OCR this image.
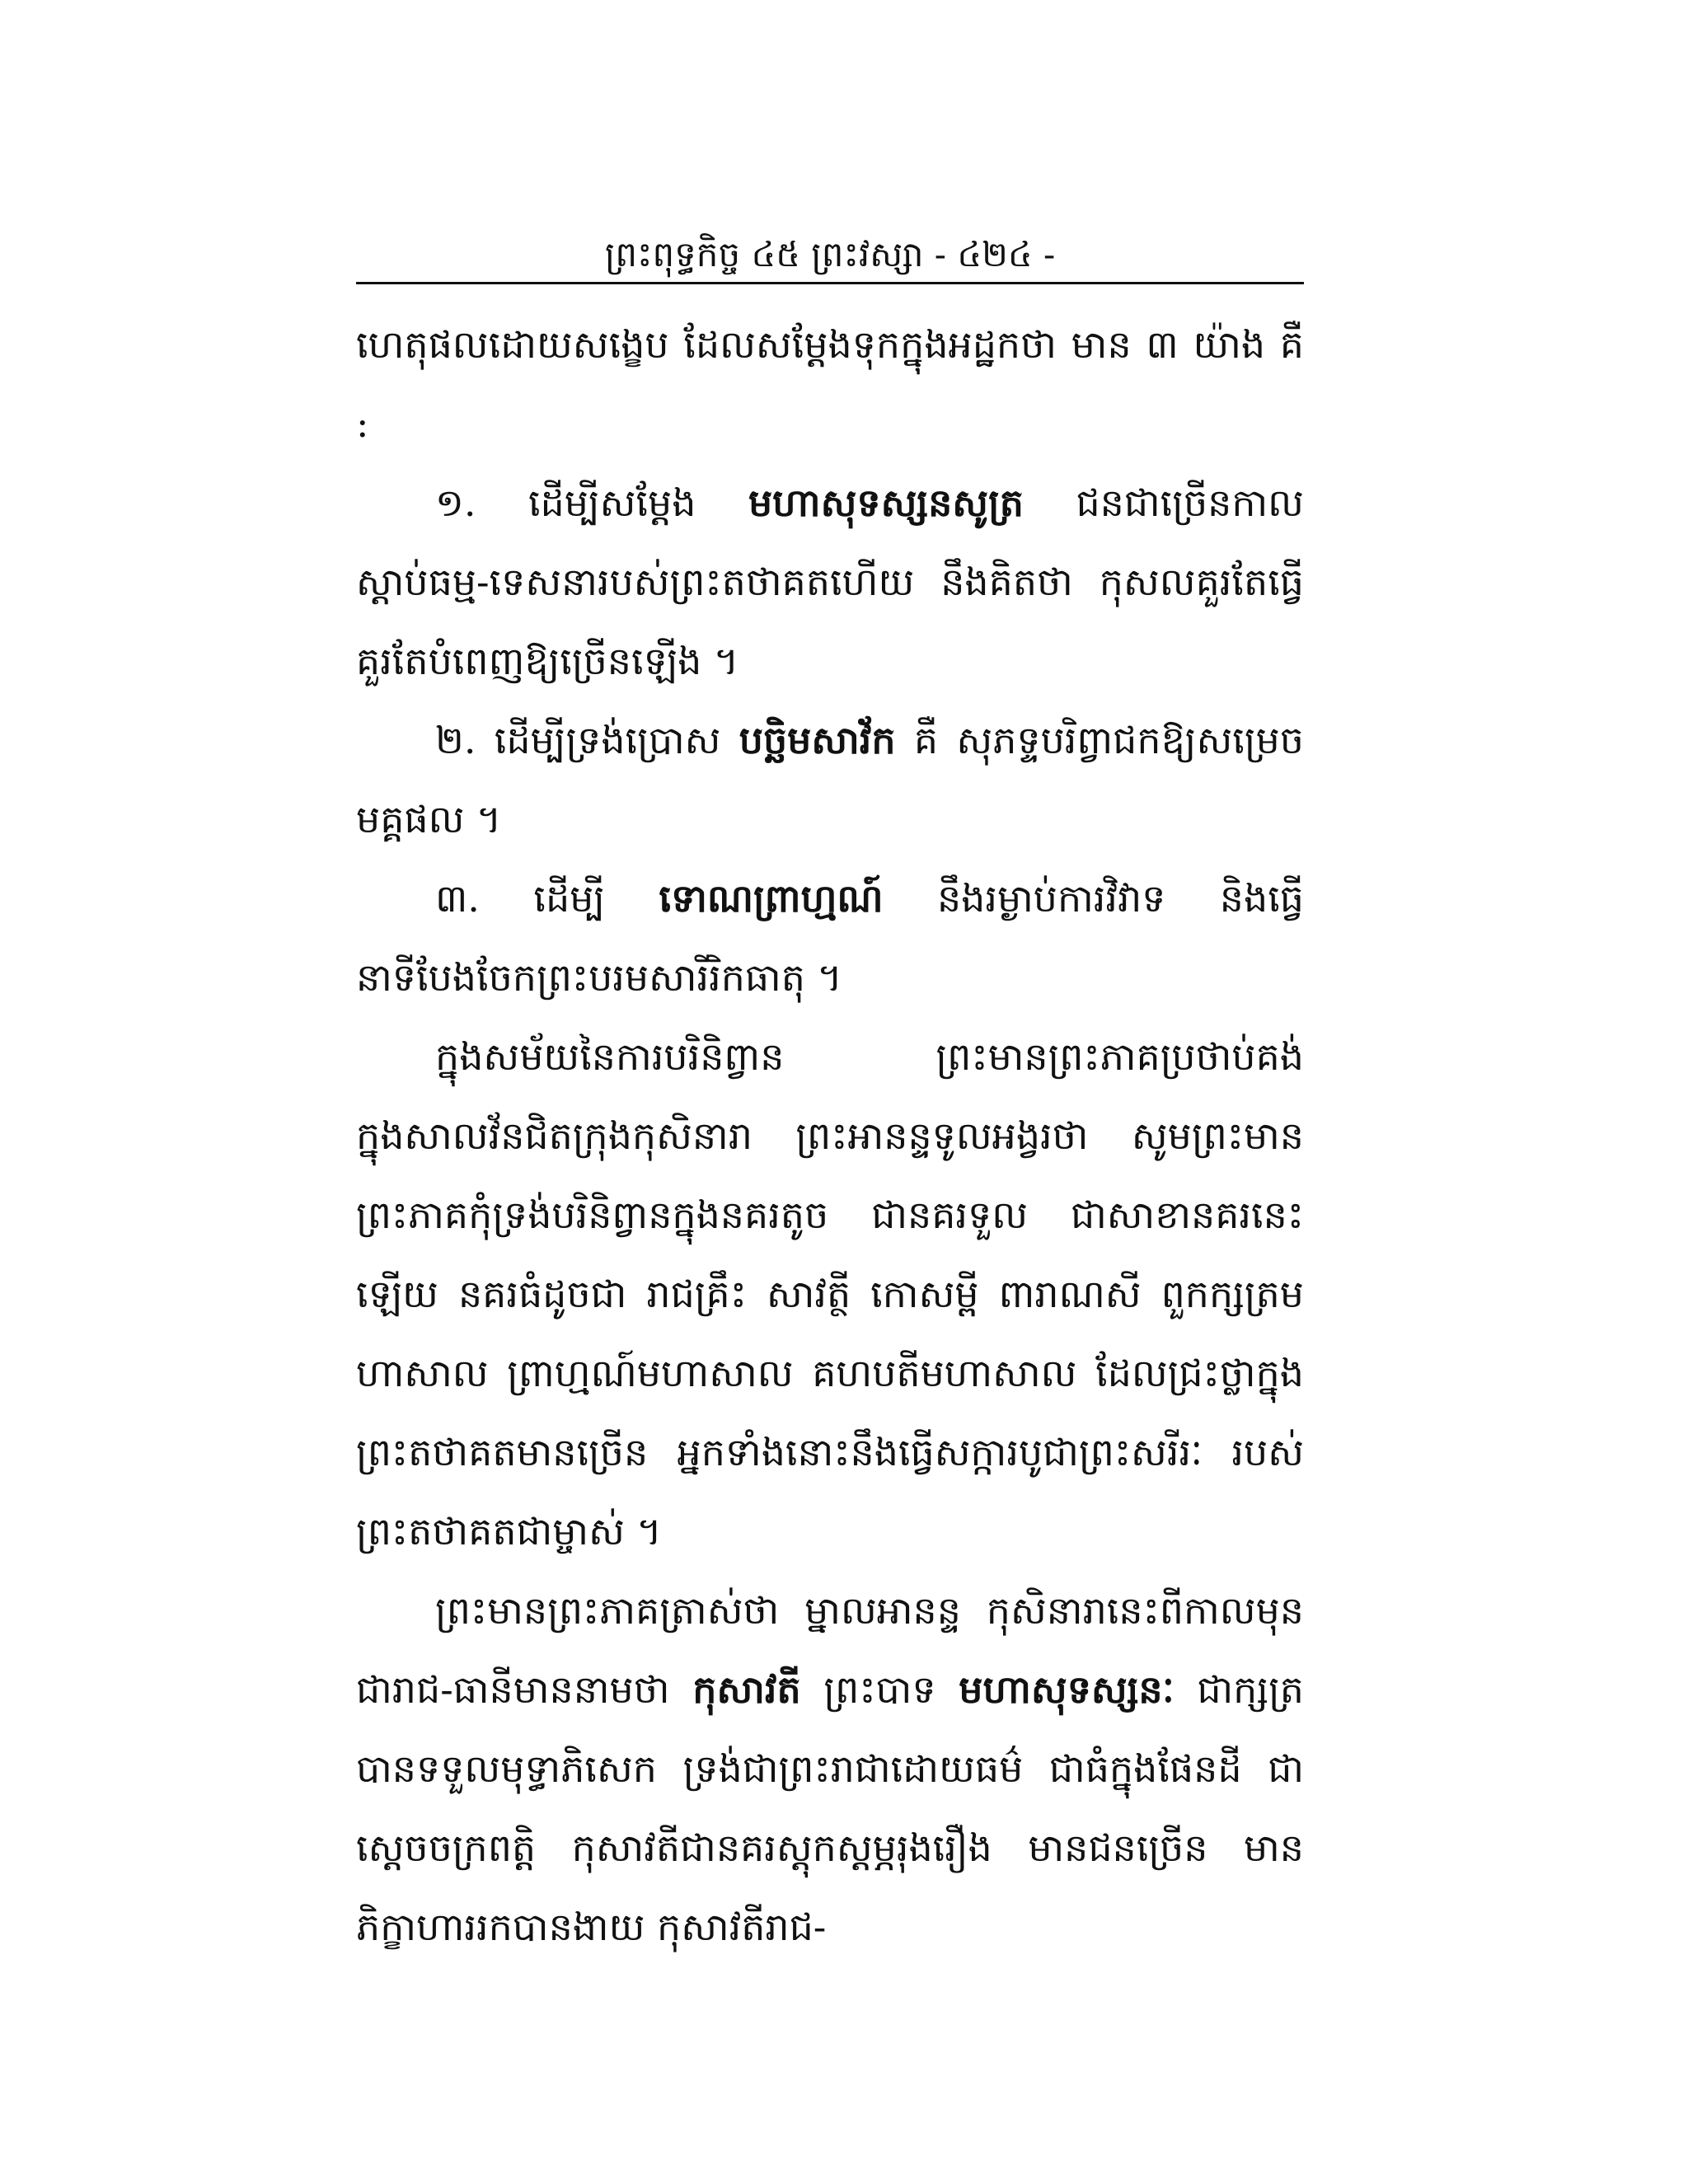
ព្រះពុទ្ធកិច្ច ៤៥ ព្រះវស្សា - ៤២៤ -

ហេតុផលដោយសង្ខេប ដែលសម្ដែងទុកក្នុងអដ្ឋកថា មាន ៣ យ៉ាង គឺ :

១. ដើម្បីសម្ដែង មហាសុទស្សនសូត្រ ជនជាច្រើនកាលស្ដាប់ធម្ម-ទេសនារបស់ព្រះតថាគតហើយ នឹងគិតថា កុសលគួរតែធ្វើ គួរតែបំពេញឱ្យច្រើនឡើង ។

២. ដើម្បីទ្រង់ប្រោស បច្ឆិមសាវ័ក គឺ សុភទ្ទបរិព្វាជកឱ្យសម្រេចមគ្គផល ។

៣. ដើម្បី ទោណព្រាហ្មណ៍ នឹងរម្ងាប់ការវិវាទ និងធ្វើនាទីបែងចែកព្រះបរមសារីរិកធាតុ ។

ក្នុងសម័យនៃការបរិនិព្វាន ព្រះមានព្រះភាគប្រថាប់គង់ក្នុងសាលវ័នជិតក្រុងកុសិនារា ព្រះអានន្ទទូលអង្វរថា សូមព្រះមានព្រះភាគកុំទ្រង់បរិនិព្វានក្នុងនគរតូច ជានគរទួល ជាសាខានគរនេះឡើយ នគរធំដូចជា រាជគ្រឹះ សាវត្ថី កោសម្ពី ពារាណសី ពួកក្សត្រមហាសាល ព្រាហ្មណ៍មហាសាល គហបតីមហាសាល ដែលជ្រះថ្លាក្នុងព្រះតថាគតមានច្រើន អ្នកទាំងនោះនឹងធ្វើសក្ការបូជាព្រះសរីរៈ របស់ព្រះតថាគតជាម្ចាស់ ។

ព្រះមានព្រះភាគត្រាស់ថា ម្នាលអានន្ទ កុសិនារានេះពីកាលមុនជារាជ-ធានីមាននាមថា កុសាវតី ព្រះបាទ មហាសុទស្សនៈ ជាក្សត្របានទទួលមុទ្ធាភិសេក ទ្រង់ជាព្រះរាជាដោយធម៌ ជាធំក្នុងផែនដី ជាស្ដេចចក្រពត្តិ កុសាវតីជានគរស្ដុកស្ដម្ភរុងរឿង មានជនច្រើន មានភិក្ខាហាររកបានងាយ កុសាវតីរាជ-
